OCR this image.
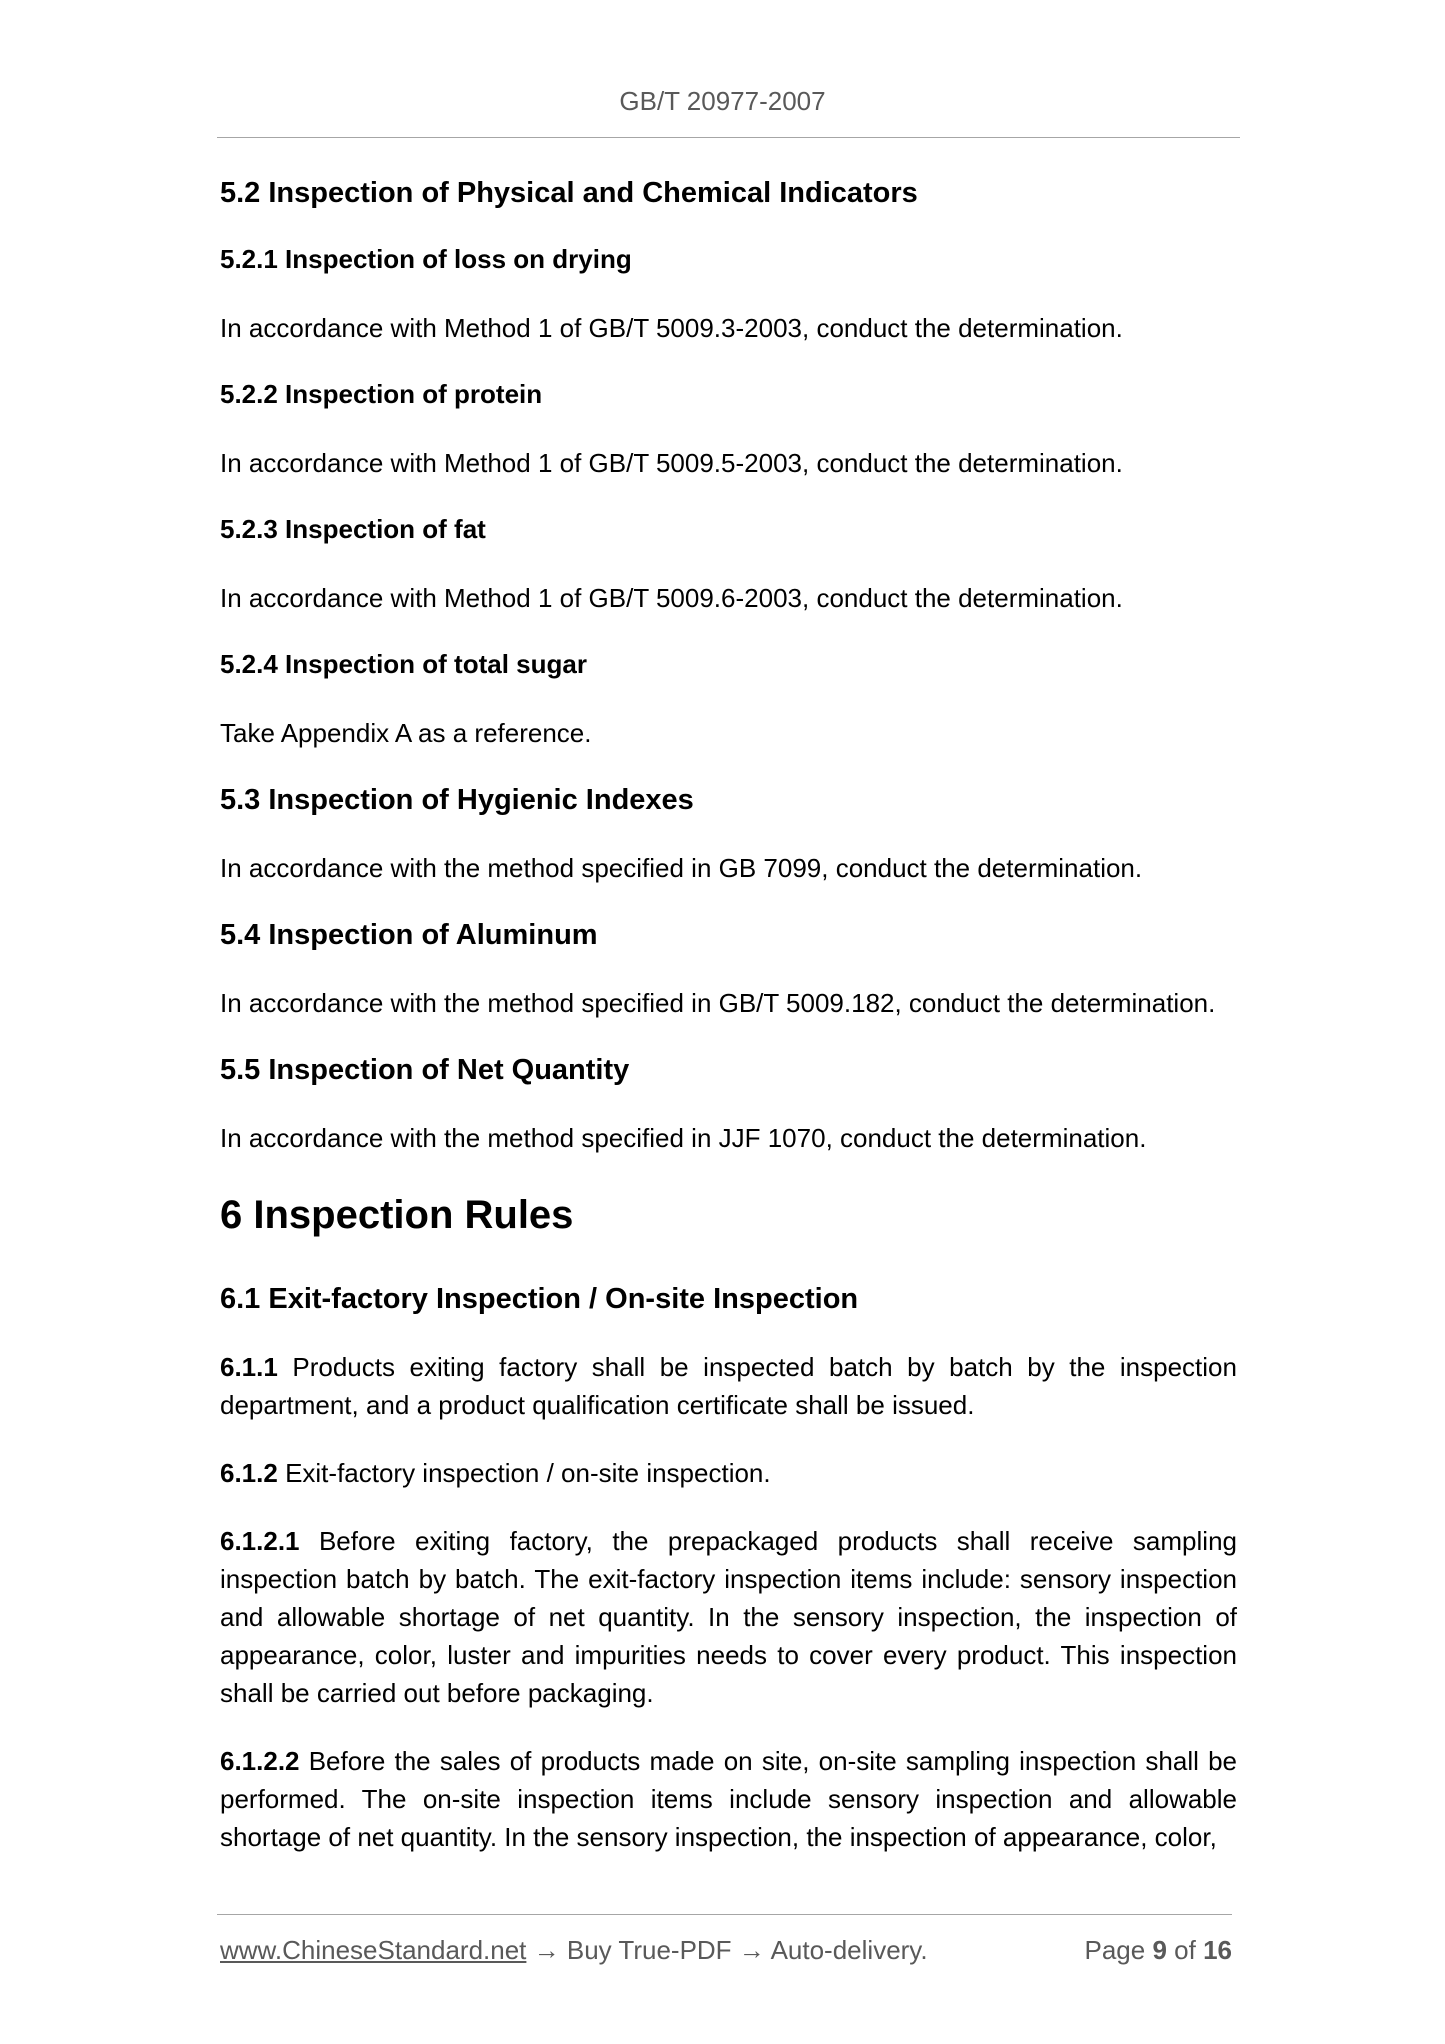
GB/T 20977-2007
5.2 Inspection of Physical and Chemical Indicators
5.2.1 Inspection of loss on drying
In accordance with Method 1 of GB/T 5009.3-2003, conduct the determination.
5.2.2 Inspection of protein
In accordance with Method 1 of GB/T 5009.5-2003, conduct the determination.
5.2.3 Inspection of fat
In accordance with Method 1 of GB/T 5009.6-2003, conduct the determination.
5.2.4 Inspection of total sugar
Take Appendix A as a reference.
5.3 Inspection of Hygienic Indexes
In accordance with the method specified in GB 7099, conduct the determination.
5.4 Inspection of Aluminum
In accordance with the method specified in GB/T 5009.182, conduct the determination.
5.5 Inspection of Net Quantity
In accordance with the method specified in JJF 1070, conduct the determination.
6 Inspection Rules
6.1 Exit-factory Inspection / On-site Inspection
6.1.1 Products exiting factory shall be inspected batch by batch by the inspection department, and a product qualification certificate shall be issued.
6.1.2 Exit-factory inspection / on-site inspection.
6.1.2.1 Before exiting factory, the prepackaged products shall receive sampling inspection batch by batch. The exit-factory inspection items include: sensory inspection and allowable shortage of net quantity. In the sensory inspection, the inspection of appearance, color, luster and impurities needs to cover every product. This inspection shall be carried out before packaging.
6.1.2.2 Before the sales of products made on site, on-site sampling inspection shall be performed. The on-site inspection items include sensory inspection and allowable shortage of net quantity. In the sensory inspection, the inspection of appearance, color,
www.ChineseStandard.net → Buy True-PDF → Auto-delivery.	Page 9 of 16
